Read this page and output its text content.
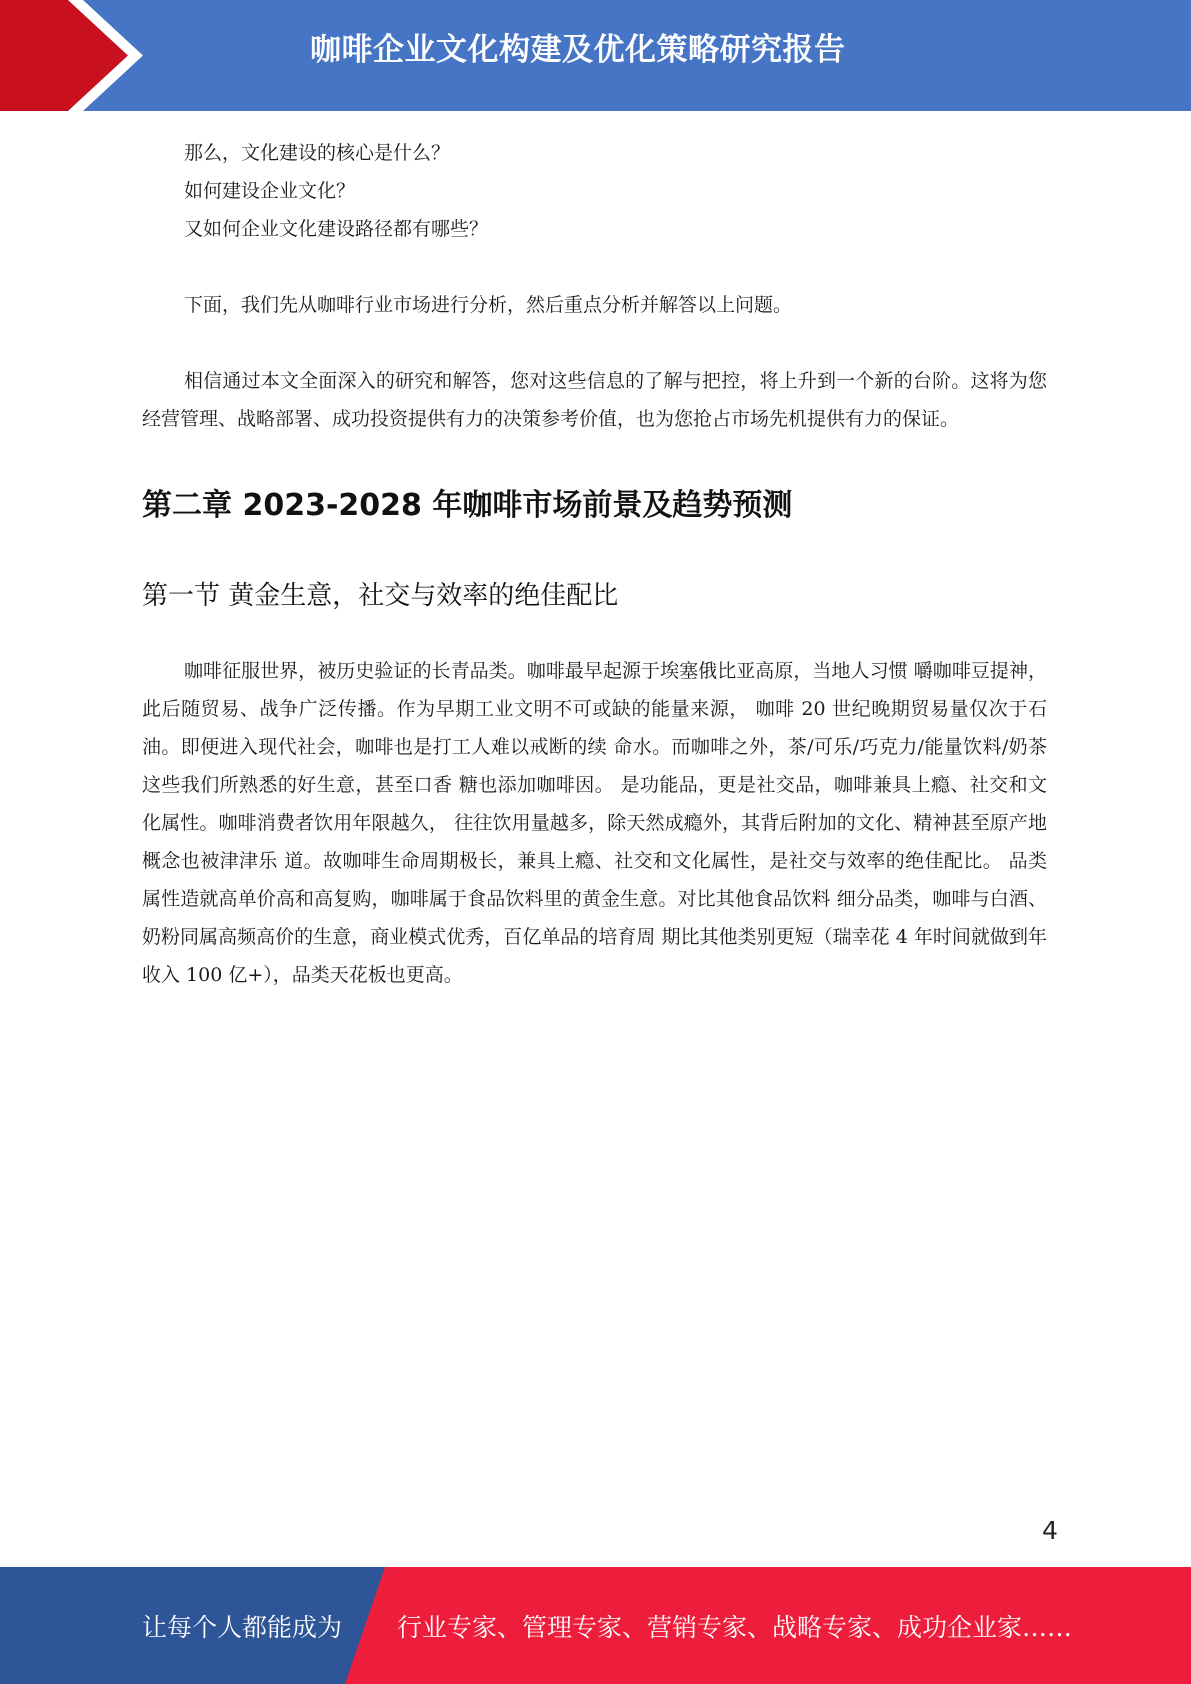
咖啡企业文化构建及优化策略研究报告

那么，文化建设的核心是什么？

如何建设企业文化？

又如何企业文化建设路径都有哪些？

下面，我们先从咖啡行业市场进行分析，然后重点分析并解答以上问题。

相信通过本文全面深入的研究和解答，您对这些信息的了解与把控，将上升到一个新的台阶。这将为您经营管理、战略部署、成功投资提供有力的决策参考价值，也为您抢占市场先机提供有力的保证。

第二章 2023-2028 年咖啡市场前景及趋势预测
第一节 黄金生意，社交与效率的绝佳配比

咖啡征服世界，被历史验证的长青品类。咖啡最早起源于埃塞俄比亚高原，当地人习惯 嚼咖啡豆提神，此后随贸易、战争广泛传播。作为早期工业文明不可或缺的能量来源， 咖啡 20 世纪晚期贸易量仅次于石油。即便进入现代社会，咖啡也是打工人难以戒断的续 命水。而咖啡之外，茶/可乐/巧克力/能量饮料/奶茶这些我们所熟悉的好生意，甚至口香 糖也添加咖啡因。 是功能品，更是社交品，咖啡兼具上瘾、社交和文化属性。咖啡消费者饮用年限越久， 往往饮用量越多，除天然成瘾外，其背后附加的文化、精神甚至原产地概念也被津津乐 道。故咖啡生命周期极长，兼具上瘾、社交和文化属性，是社交与效率的绝佳配比。 品类属性造就高单价高和高复购，咖啡属于食品饮料里的黄金生意。对比其他食品饮料 细分品类，咖啡与白酒、奶粉同属高频高价的生意，商业模式优秀，百亿单品的培育周 期比其他类别更短（瑞幸花 4 年时间就做到年收入 100 亿+），品类天花板也更高。

4
让每个人都能成为 行业专家、管理专家、营销专家、战略专家、成功企业家……
